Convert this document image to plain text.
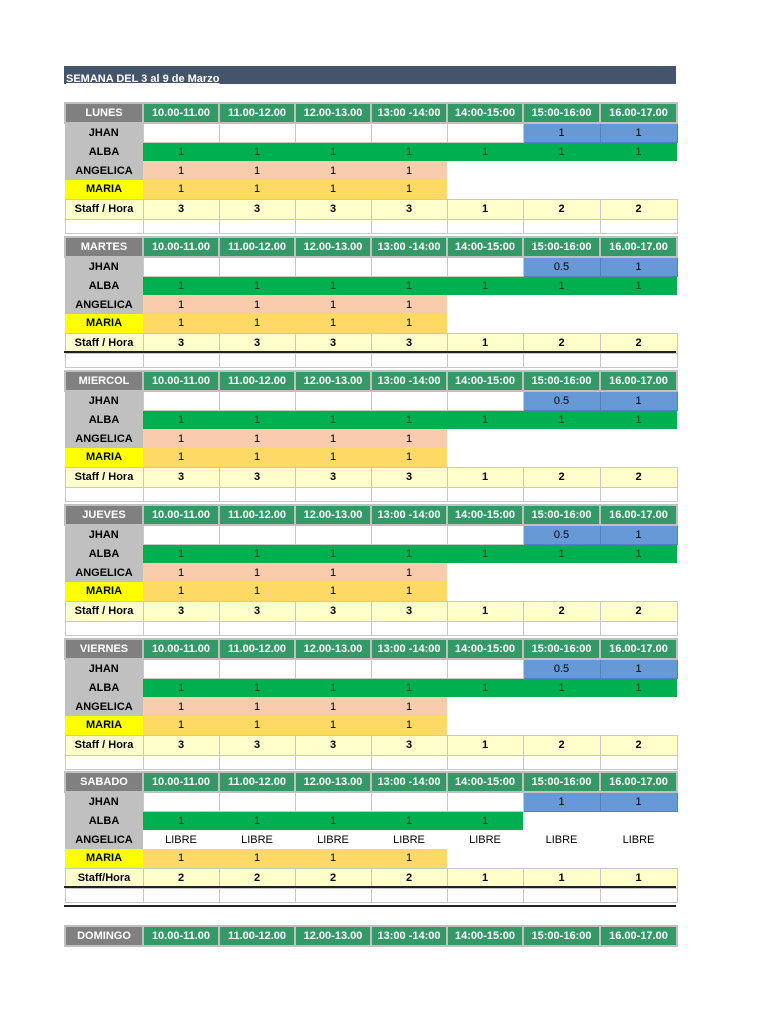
SEMANA DEL 3 al 9 de Marzo
LUNES	10.00-11.00	11.00-12.00	12.00-13.00	13:00 -14:00	14:00-15:00	15:00-16:00	16.00-17.00
JHAN						1	1
ALBA	1	1	1	1	1	1	1
ANGELICA	1	1	1	1			
MARIA	1	1	1	1			
Staff / Hora	3	3	3	3	1	2	2

MARTES	10.00-11.00	11.00-12.00	12.00-13.00	13:00 -14:00	14:00-15:00	15:00-16:00	16.00-17.00
JHAN						0.5	1
ALBA	1	1	1	1	1	1	1
ANGELICA	1	1	1	1			
MARIA	1	1	1	1			
Staff / Hora	3	3	3	3	1	2	2

MIERCOL	10.00-11.00	11.00-12.00	12.00-13.00	13:00 -14:00	14:00-15:00	15:00-16:00	16.00-17.00
JHAN						0.5	1
ALBA	1	1	1	1	1	1	1
ANGELICA	1	1	1	1			
MARIA	1	1	1	1			
Staff / Hora	3	3	3	3	1	2	2

JUEVES	10.00-11.00	11.00-12.00	12.00-13.00	13:00 -14:00	14:00-15:00	15:00-16:00	16.00-17.00
JHAN						0.5	1
ALBA	1	1	1	1	1	1	1
ANGELICA	1	1	1	1			
MARIA	1	1	1	1			
Staff / Hora	3	3	3	3	1	2	2

VIERNES	10.00-11.00	11.00-12.00	12.00-13.00	13:00 -14:00	14:00-15:00	15:00-16:00	16.00-17.00
JHAN						0.5	1
ALBA	1	1	1	1	1	1	1
ANGELICA	1	1	1	1			
MARIA	1	1	1	1			
Staff / Hora	3	3	3	3	1	2	2

SABADO	10.00-11.00	11.00-12.00	12.00-13.00	13:00 -14:00	14:00-15:00	15:00-16:00	16.00-17.00
JHAN						1	1
ALBA	1	1	1	1	1		
ANGELICA	LIBRE	LIBRE	LIBRE	LIBRE	LIBRE	LIBRE	LIBRE
MARIA	1	1	1	1			
Staff/Hora	2	2	2	2	1	1	1

DOMINGO	10.00-11.00	11.00-12.00	12.00-13.00	13:00 -14:00	14:00-15:00	15:00-16:00	16.00-17.00
